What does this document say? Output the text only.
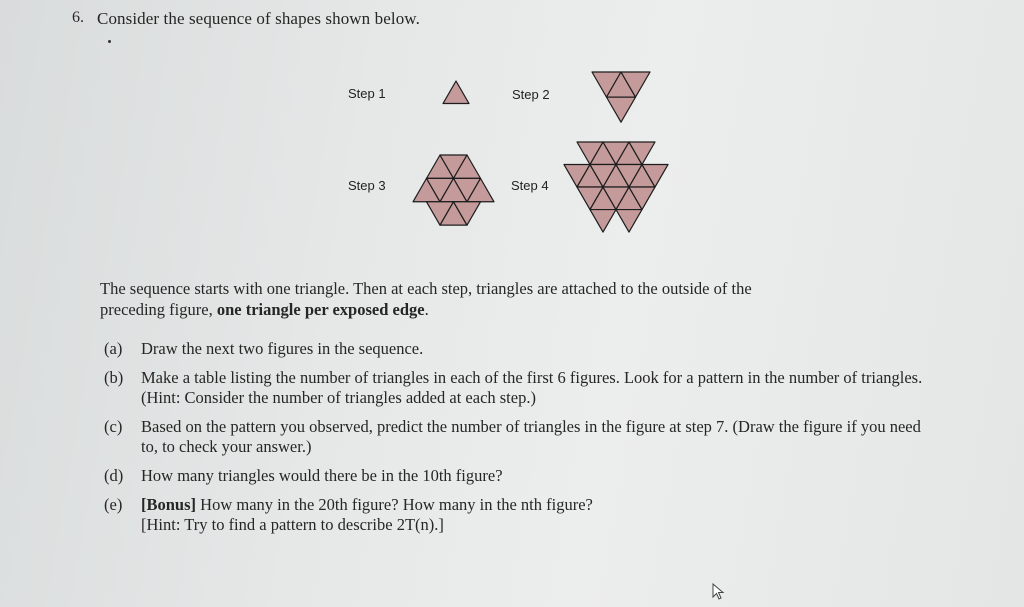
6. Consider the sequence of shapes shown below.
Step 1	Step 2
Step 3	Step 4
The sequence starts with one triangle. Then at each step, triangles are attached to the outside of the
preceding figure, one triangle per exposed edge.
(a)	Draw the next two figures in the sequence.
(b)	Make a table listing the number of triangles in each of the first 6 figures. Look for a pattern in the number of triangles. (Hint: Consider the number of triangles added at each step.)
(c)	Based on the pattern you observed, predict the number of triangles in the figure at step 7. (Draw the figure if you need to, to check your answer.)
(d)	How many triangles would there be in the 10th figure?
(e)	[Bonus] How many in the 20th figure? How many in the nth figure?
[Hint: Try to find a pattern to describe 2T(n).]
